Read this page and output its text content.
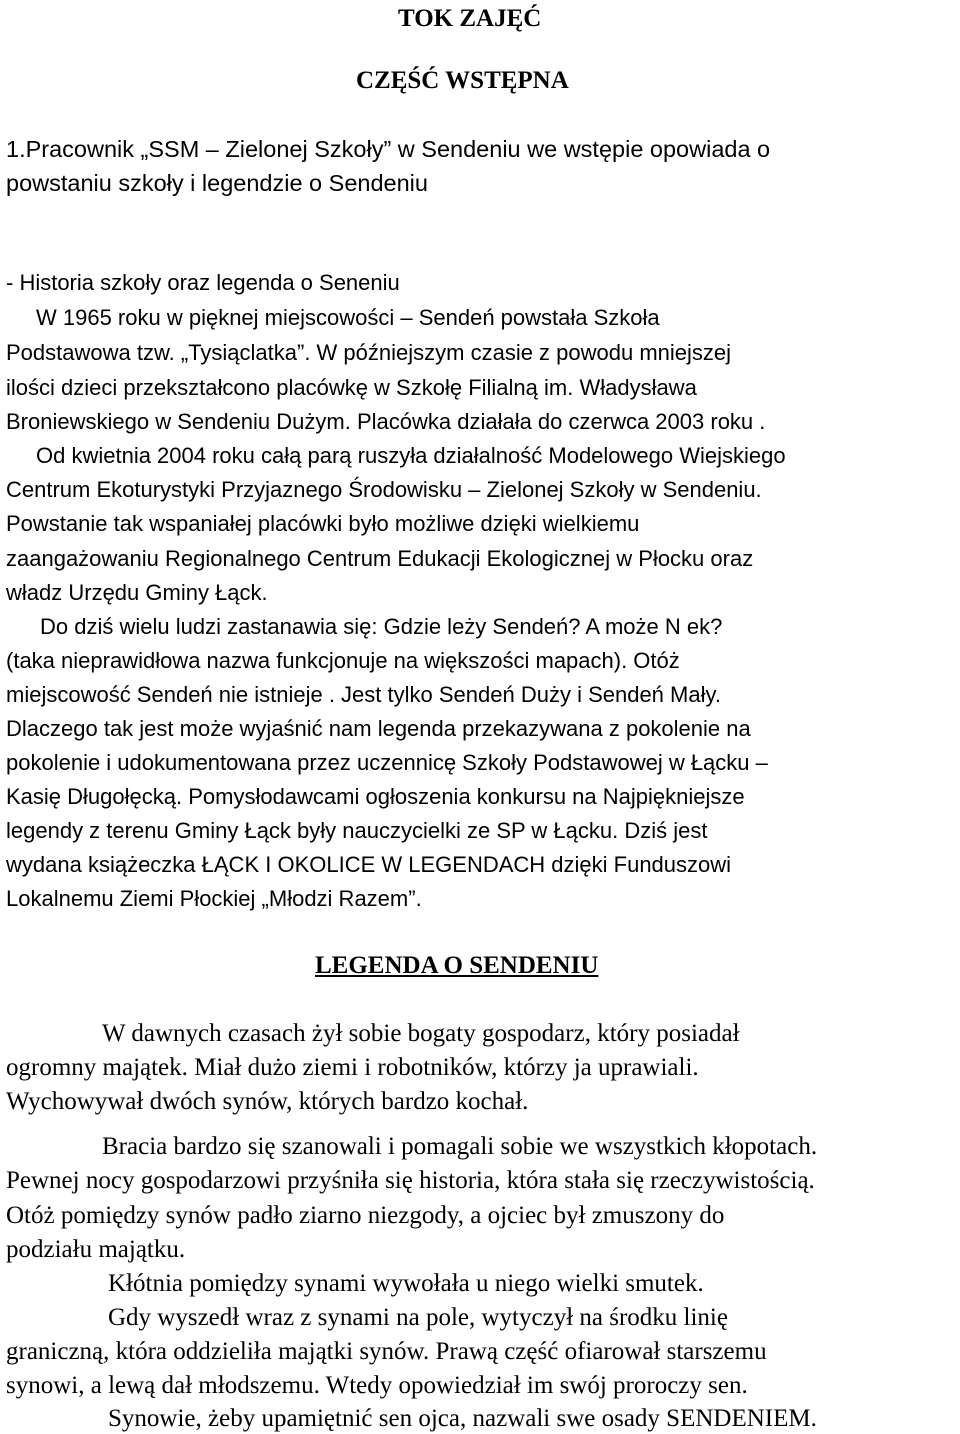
TOK ZAJĘĆ
CZĘŚĆ WSTĘPNA
1.Pracownik „SSM – Zielonej Szkoły” w Sendeniu we wstępie opowiada o
powstaniu szkoły i legendzie o Sendeniu
- Historia szkoły oraz legenda o Seneniu
W 1965 roku w pięknej miejscowości – Sendeń powstała Szkoła
Podstawowa tzw. „Tysiąclatka”. W późniejszym czasie z powodu mniejszej
ilości dzieci przekształcono placówkę w Szkołę Filialną im. Władysława
Broniewskiego w Sendeniu Dużym. Placówka działała do czerwca 2003 roku .
Od kwietnia 2004 roku całą parą ruszyła działalność Modelowego Wiejskiego
Centrum Ekoturystyki Przyjaznego Środowisku – Zielonej Szkoły w Sendeniu.
Powstanie tak wspaniałej placówki było możliwe dzięki wielkiemu
zaangażowaniu Regionalnego Centrum Edukacji Ekologicznej w Płocku oraz
władz Urzędu Gminy Łąck.
Do dziś wielu ludzi zastanawia się: Gdzie leży Sendeń? A może N ek?
(taka nieprawidłowa nazwa funkcjonuje na większości mapach). Otóż
miejscowość Sendeń nie istnieje . Jest tylko Sendeń Duży i Sendeń Mały.
Dlaczego tak jest może wyjaśnić nam legenda przekazywana z pokolenie na
pokolenie i udokumentowana przez uczennicę Szkoły Podstawowej w Łącku –
Kasię Długołęcką. Pomysłodawcami ogłoszenia konkursu na Najpiękniejsze
legendy z terenu Gminy Łąck były nauczycielki ze SP w Łącku. Dziś jest
wydana książeczka ŁĄCK I OKOLICE W LEGENDACH dzięki Funduszowi
Lokalnemu Ziemi Płockiej „Młodzi Razem”.
LEGENDA O SENDENIU
W dawnych czasach żył sobie bogaty gospodarz, który posiadał
ogromny majątek. Miał dużo ziemi i robotników, którzy ja uprawiali.
Wychowywał dwóch synów, których bardzo kochał.
Bracia bardzo się szanowali i pomagali sobie we wszystkich kłopotach.
Pewnej nocy gospodarzowi przyśniła się historia, która stała się rzeczywistością.
Otóż pomiędzy synów padło ziarno niezgody, a ojciec był zmuszony do
podziału majątku.
Kłótnia pomiędzy synami wywołała u niego wielki smutek.
Gdy wyszedł wraz z synami na pole, wytyczył na środku linię
graniczną, która oddzieliła majątki synów. Prawą część ofiarował starszemu
synowi, a lewą dał młodszemu. Wtedy opowiedział im swój proroczy sen.
Synowie, żeby upamiętnić sen ojca, nazwali swe osady SENDENIEM.
